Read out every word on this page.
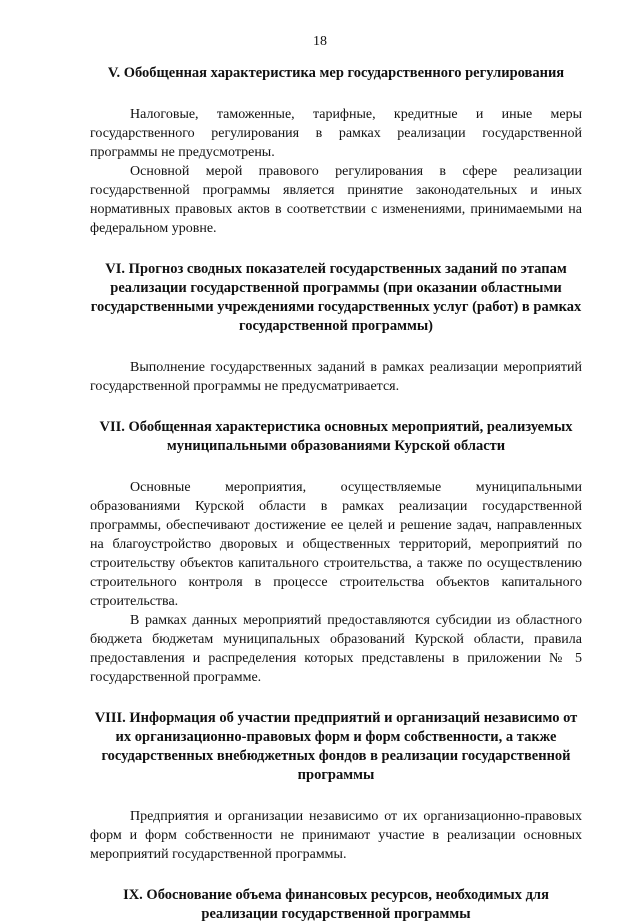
18

V. Обобщенная характеристика мер государственного регулирования

Налоговые, таможенные, тарифные, кредитные и иные меры государственного регулирования в рамках реализации государственной программы не предусмотрены.

Основной мерой правового регулирования в сфере реализации государственной программы является принятие законодательных и иных нормативных правовых актов в соответствии с изменениями, принимаемыми на федеральном уровне.

VI. Прогноз сводных показателей государственных заданий по этапам реализации государственной программы (при оказании областными государственными учреждениями государственных услуг (работ) в рамках государственной программы)

Выполнение государственных заданий в рамках реализации мероприятий государственной программы не предусматривается.

VII. Обобщенная характеристика основных мероприятий, реализуемых муниципальными образованиями Курской области

Основные мероприятия, осуществляемые муниципальными образованиями Курской области в рамках реализации государственной программы, обеспечивают достижение ее целей и решение задач, направленных на благоустройство дворовых и общественных территорий, мероприятий по строительству объектов капитального строительства, а также по осуществлению строительного контроля в процессе строительства объектов капитального строительства.

В рамках данных мероприятий предоставляются субсидии из областного бюджета бюджетам муниципальных образований Курской области, правила предоставления и распределения которых представлены в приложении № 5 государственной программе.

VIII. Информация об участии предприятий и организаций независимо от их организационно-правовых форм и форм собственности, а также государственных внебюджетных фондов в реализации государственной программы

Предприятия и организации независимо от их организационно-правовых форм и форм собственности не принимают участие в реализации основных мероприятий государственной программы.

IX. Обоснование объема финансовых ресурсов, необходимых для реализации государственной программы
